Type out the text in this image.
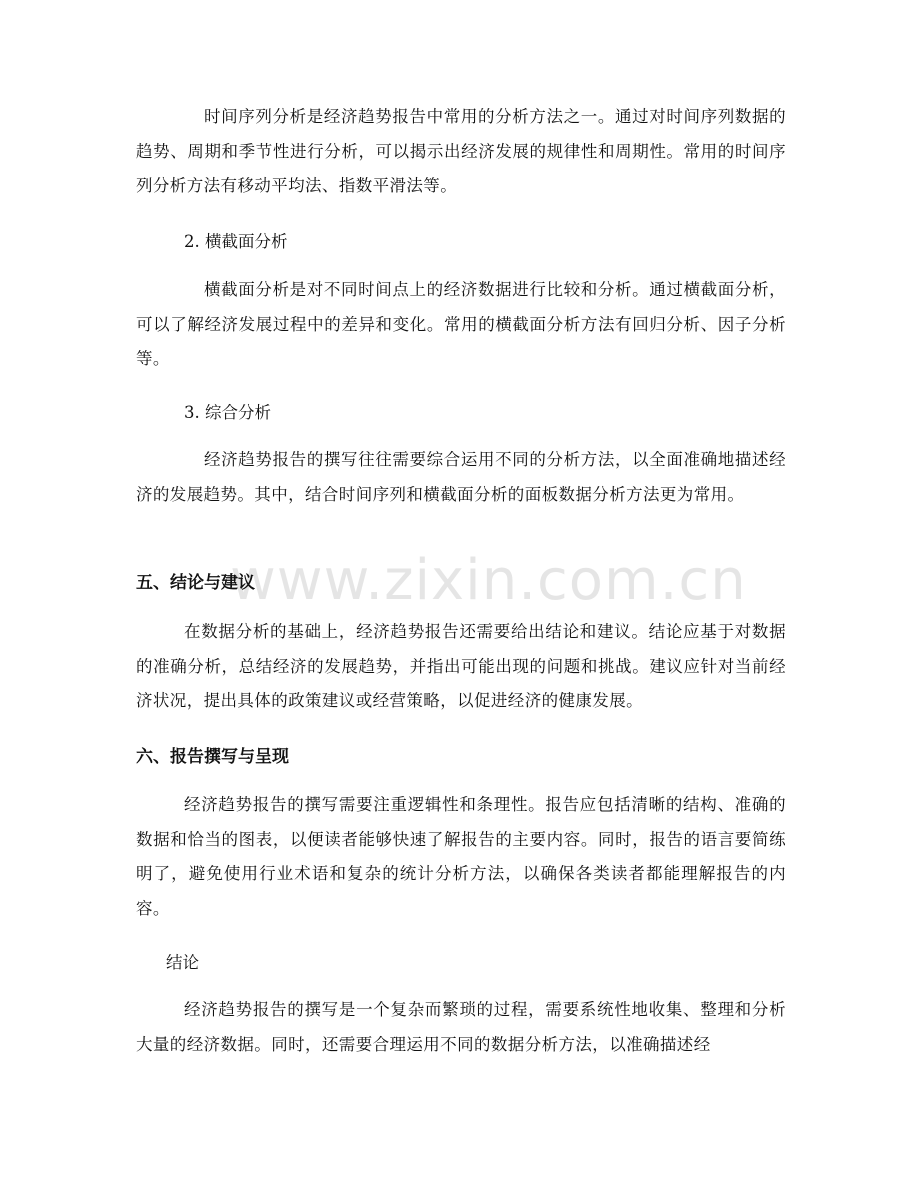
www.zixin.com.cn

时间序列分析是经济趋势报告中常用的分析方法之一。通过对时间序列数据的趋势、周期和季节性进行分析，可以揭示出经济发展的规律性和周期性。常用的时间序列分析方法有移动平均法、指数平滑法等。

2. 横截面分析

横截面分析是对不同时间点上的经济数据进行比较和分析。通过横截面分析，可以了解经济发展过程中的差异和变化。常用的横截面分析方法有回归分析、因子分析等。

3. 综合分析

经济趋势报告的撰写往往需要综合运用不同的分析方法，以全面准确地描述经济的发展趋势。其中，结合时间序列和横截面分析的面板数据分析方法更为常用。

五、结论与建议

在数据分析的基础上，经济趋势报告还需要给出结论和建议。结论应基于对数据的准确分析，总结经济的发展趋势，并指出可能出现的问题和挑战。建议应针对当前经济状况，提出具体的政策建议或经营策略，以促进经济的健康发展。

六、报告撰写与呈现

经济趋势报告的撰写需要注重逻辑性和条理性。报告应包括清晰的结构、准确的数据和恰当的图表，以便读者能够快速了解报告的主要内容。同时，报告的语言要简练明了，避免使用行业术语和复杂的统计分析方法，以确保各类读者都能理解报告的内容。

结论

经济趋势报告的撰写是一个复杂而繁琐的过程，需要系统性地收集、整理和分析大量的经济数据。同时，还需要合理运用不同的数据分析方法，以准确描述经
